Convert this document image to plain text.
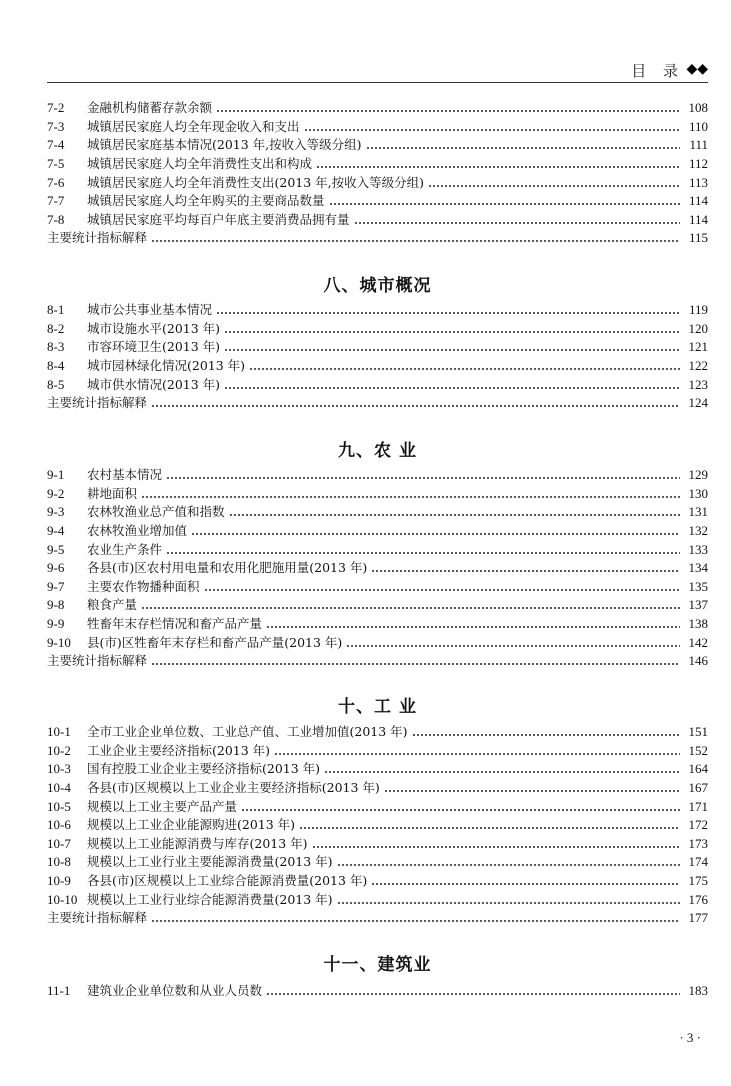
目 录 ◆◆
7-2	金融机构储蓄存款余额	108
7-3	城镇居民家庭人均全年现金收入和支出	110
7-4	城镇居民家庭基本情况(2013 年,按收入等级分组)	111
7-5	城镇居民家庭人均全年消费性支出和构成	112
7-6	城镇居民家庭人均全年消费性支出(2013 年,按收入等级分组)	113
7-7	城镇居民家庭人均全年购买的主要商品数量	114
7-8	城镇居民家庭平均每百户年底主要消费品拥有量	114
主要统计指标解释	115
八、城市概况
8-1	城市公共事业基本情况	119
8-2	城市设施水平(2013 年)	120
8-3	市容环境卫生(2013 年)	121
8-4	城市园林绿化情况(2013 年)	122
8-5	城市供水情况(2013 年)	123
主要统计指标解释	124
九、农 业
9-1	农村基本情况	129
9-2	耕地面积	130
9-3	农林牧渔业总产值和指数	131
9-4	农林牧渔业增加值	132
9-5	农业生产条件	133
9-6	各县(市)区农村用电量和农用化肥施用量(2013 年)	134
9-7	主要农作物播种面积	135
9-8	粮食产量	137
9-9	牲畜年末存栏情况和畜产品产量	138
9-10	县(市)区牲畜年末存栏和畜产品产量(2013 年)	142
主要统计指标解释	146
十、工 业
10-1	全市工业企业单位数、工业总产值、工业增加值(2013 年)	151
10-2	工业企业主要经济指标(2013 年)	152
10-3	国有控股工业企业主要经济指标(2013 年)	164
10-4	各县(市)区规模以上工业企业主要经济指标(2013 年)	167
10-5	规模以上工业主要产品产量	171
10-6	规模以上工业企业能源购进(2013 年)	172
10-7	规模以上工业能源消费与库存(2013 年)	173
10-8	规模以上工业行业主要能源消费量(2013 年)	174
10-9	各县(市)区规模以上工业综合能源消费量(2013 年)	175
10-10 规模以上工业行业综合能源消费量(2013 年)	176
主要统计指标解释	177
十一、建筑业
11-1	建筑业企业单位数和从业人员数	183
· 3 ·
